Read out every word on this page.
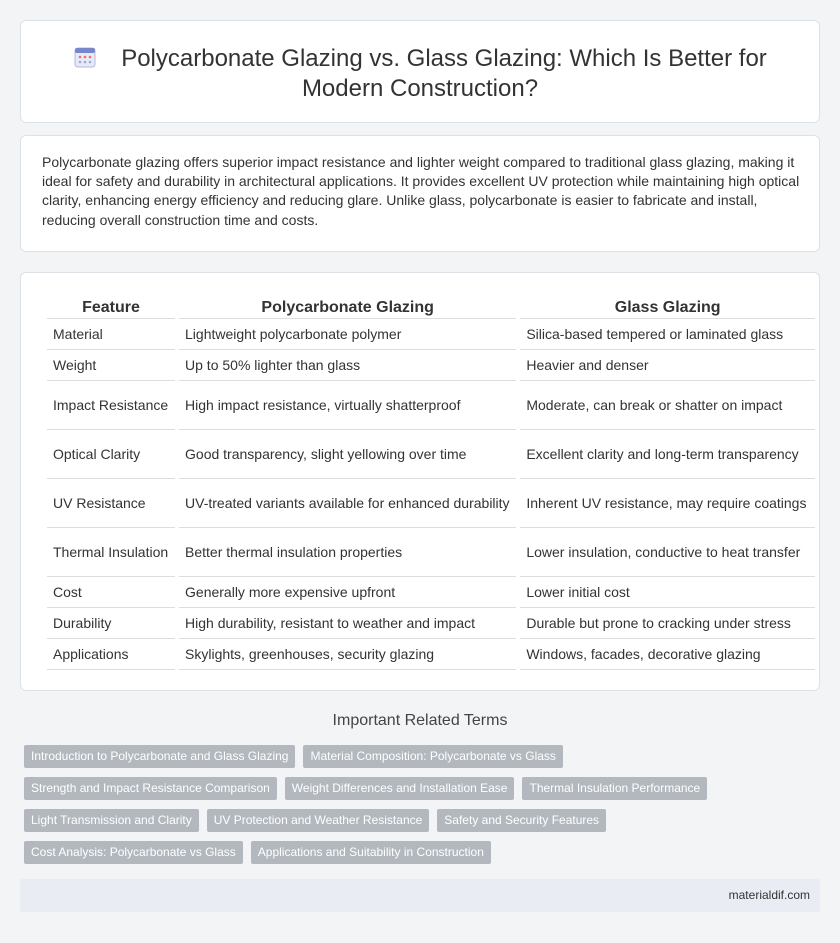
Polycarbonate Glazing vs. Glass Glazing: Which Is Better for
Modern Construction?

Polycarbonate glazing offers superior impact resistance and lighter weight compared to traditional glass glazing, making it ideal for safety and durability in architectural applications. It provides excellent UV protection while maintaining high optical clarity, enhancing energy efficiency and reducing glare. Unlike glass, polycarbonate is easier to fabricate and install, reducing overall construction time and costs.

Feature	Polycarbonate Glazing	Glass Glazing
Material	Lightweight polycarbonate polymer	Silica-based tempered or laminated glass
Weight	Up to 50% lighter than glass	Heavier and denser
Impact Resistance	High impact resistance, virtually shatterproof	Moderate, can break or shatter on impact
Optical Clarity	Good transparency, slight yellowing over time	Excellent clarity and long-term transparency
UV Resistance	UV-treated variants available for enhanced durability	Inherent UV resistance, may require coatings
Thermal Insulation	Better thermal insulation properties	Lower insulation, conductive to heat transfer
Cost	Generally more expensive upfront	Lower initial cost
Durability	High durability, resistant to weather and impact	Durable but prone to cracking under stress
Applications	Skylights, greenhouses, security glazing	Windows, facades, decorative glazing
Important Related Terms
Introduction to Polycarbonate and Glass Glazing	Material Composition: Polycarbonate vs Glass
Strength and Impact Resistance Comparison	Weight Differences and Installation Ease	Thermal Insulation Performance
Light Transmission and Clarity	UV Protection and Weather Resistance	Safety and Security Features
Cost Analysis: Polycarbonate vs Glass	Applications and Suitability in Construction
materialdif.com
